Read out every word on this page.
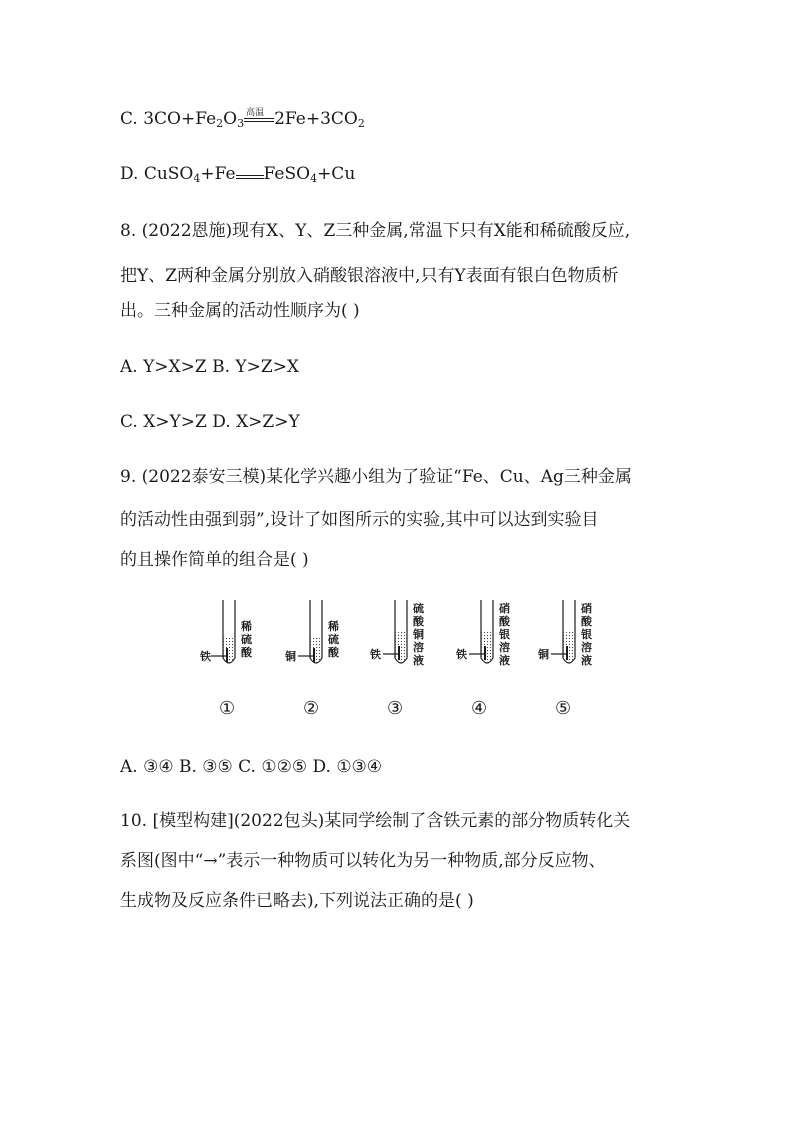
C. $3CO+Fe_2O_3$
高温 $2Fe+3CO_2$
D. CuSO$_4$+Fe FeSO$_4$+Cu
8. (2022恩施)现有X、Y、Z三种金属,常温下只有X能和稀硫酸反应,
把Y、Z两种金属分别放入硝酸银溶液中,只有Y表面有银白色物质析
出。三种金属的活动性顺序为( )
A. Y>X>Z B. Y>Z>X
C. X>Y>Z D. X>Z>Y
9. (2022泰安三模)某化学兴趣小组为了验证“Fe、Cu、Ag三种金属
的活动性由强到弱”,设计了如图所示的实验,其中可以达到实验目
的且操作简单的组合是( )
铁
稀硫酸	铜
稀硫酸	铁
硫酸铜溶液	铁
硝酸银溶液	铜
硝酸银溶液
①	②	③	④	⑤
A. ③④ B. ③⑤ C. ①②⑤ D. ①③④
10. [模型构建](2022包头)某同学绘制了含铁元素的部分物质转化关
系图(图中“→”表示一种物质可以转化为另一种物质,部分反应物、
生成物及反应条件已略去),下列说法正确的是( )
